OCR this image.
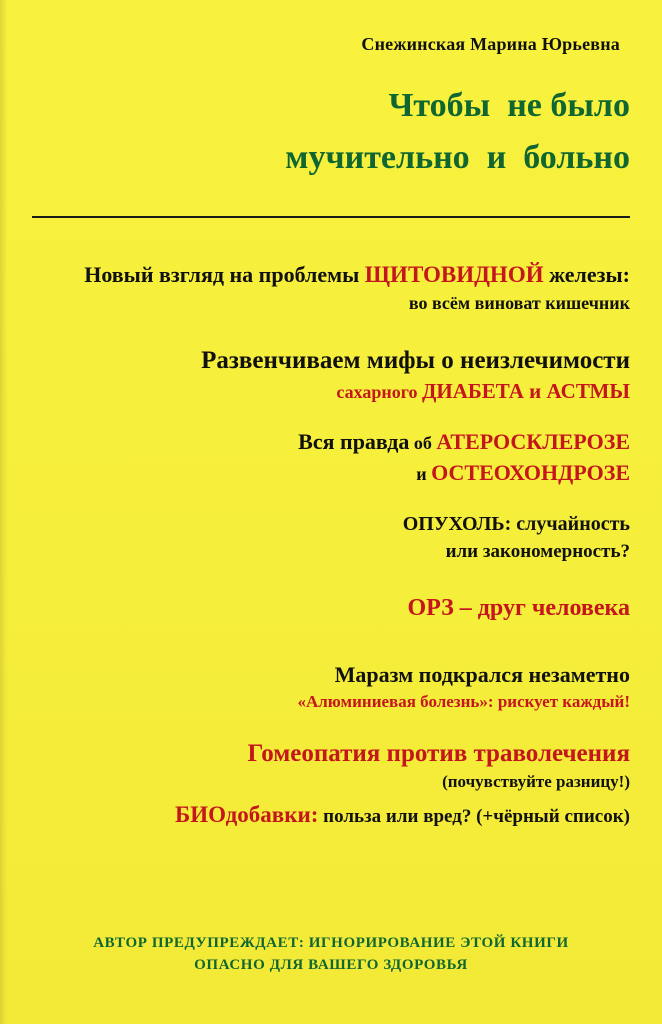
Снежинская Марина Юрьевна
Чтобы  не было
мучительно  и  больно
Новый взгляд на проблемы ЩИТОВИДНОЙ железы:
во всём виноват кишечник
Развенчиваем мифы о неизлечимости
сахарного ДИАБЕТА и АСТМЫ
Вся правда об АТЕРОСКЛЕРОЗЕ
и ОСТЕОХОНДРОЗЕ
ОПУХОЛЬ: случайность
или закономерность?
ОРЗ – друг человека
Маразм подкрался незаметно
«Алюминиевая болезнь»: рискует каждый!
Гомеопатия против траволечения
(почувствуйте разницу!)
БИОдобавки: польза или вред? (+чёрный список)
АВТОР ПРЕДУПРЕЖДАЕТ: ИГНОРИРОВАНИЕ ЭТОЙ КНИГИ
ОПАСНО ДЛЯ ВАШЕГО ЗДОРОВЬЯ
